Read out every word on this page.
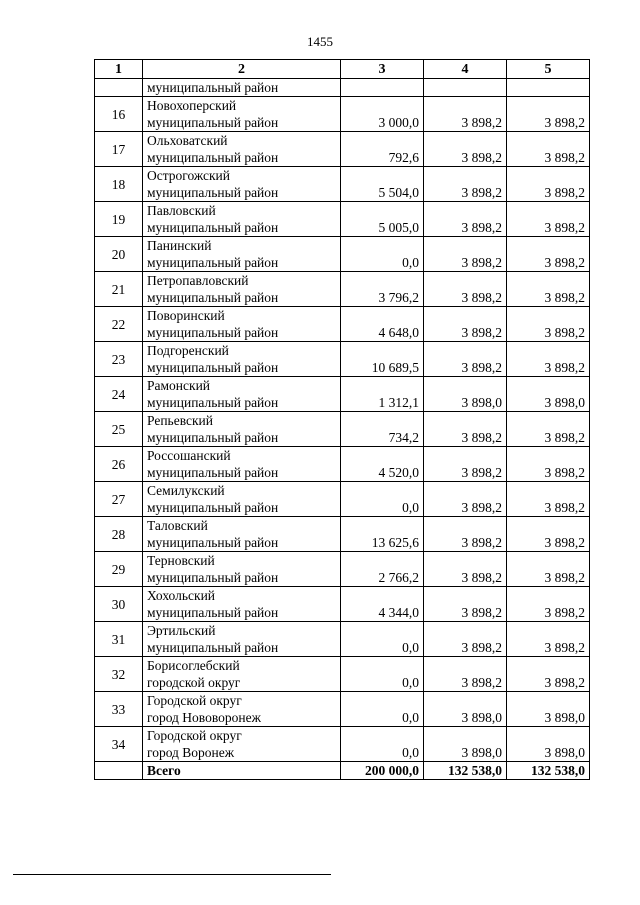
1455
1	2	3	4	5
	муниципальный район			
16	Новохоперский
муниципальный район	3 000,0	3 898,2	3 898,2
17	Ольховатский
муниципальный район	792,6	3 898,2	3 898,2
18	Острогожский
муниципальный район	5 504,0	3 898,2	3 898,2
19	Павловский
муниципальный район	5 005,0	3 898,2	3 898,2
20	Панинский
муниципальный район	0,0	3 898,2	3 898,2
21	Петропавловский
муниципальный район	3 796,2	3 898,2	3 898,2
22	Поворинский
муниципальный район	4 648,0	3 898,2	3 898,2
23	Подгоренский
муниципальный район	10 689,5	3 898,2	3 898,2
24	Рамонский
муниципальный район	1 312,1	3 898,0	3 898,0
25	Репьевский
муниципальный район	734,2	3 898,2	3 898,2
26	Россошанский
муниципальный район	4 520,0	3 898,2	3 898,2
27	Семилукский
муниципальный район	0,0	3 898,2	3 898,2
28	Таловский
муниципальный район	13 625,6	3 898,2	3 898,2
29	Терновский
муниципальный район	2 766,2	3 898,2	3 898,2
30	Хохольский
муниципальный район	4 344,0	3 898,2	3 898,2
31	Эртильский
муниципальный район	0,0	3 898,2	3 898,2
32	Борисоглебский
городской округ	0,0	3 898,2	3 898,2
33	Городской округ
город Нововоронеж	0,0	3 898,0	3 898,0
34	Городской округ
город Воронеж	0,0	3 898,0	3 898,0
	Всего	200 000,0	132 538,0	132 538,0
